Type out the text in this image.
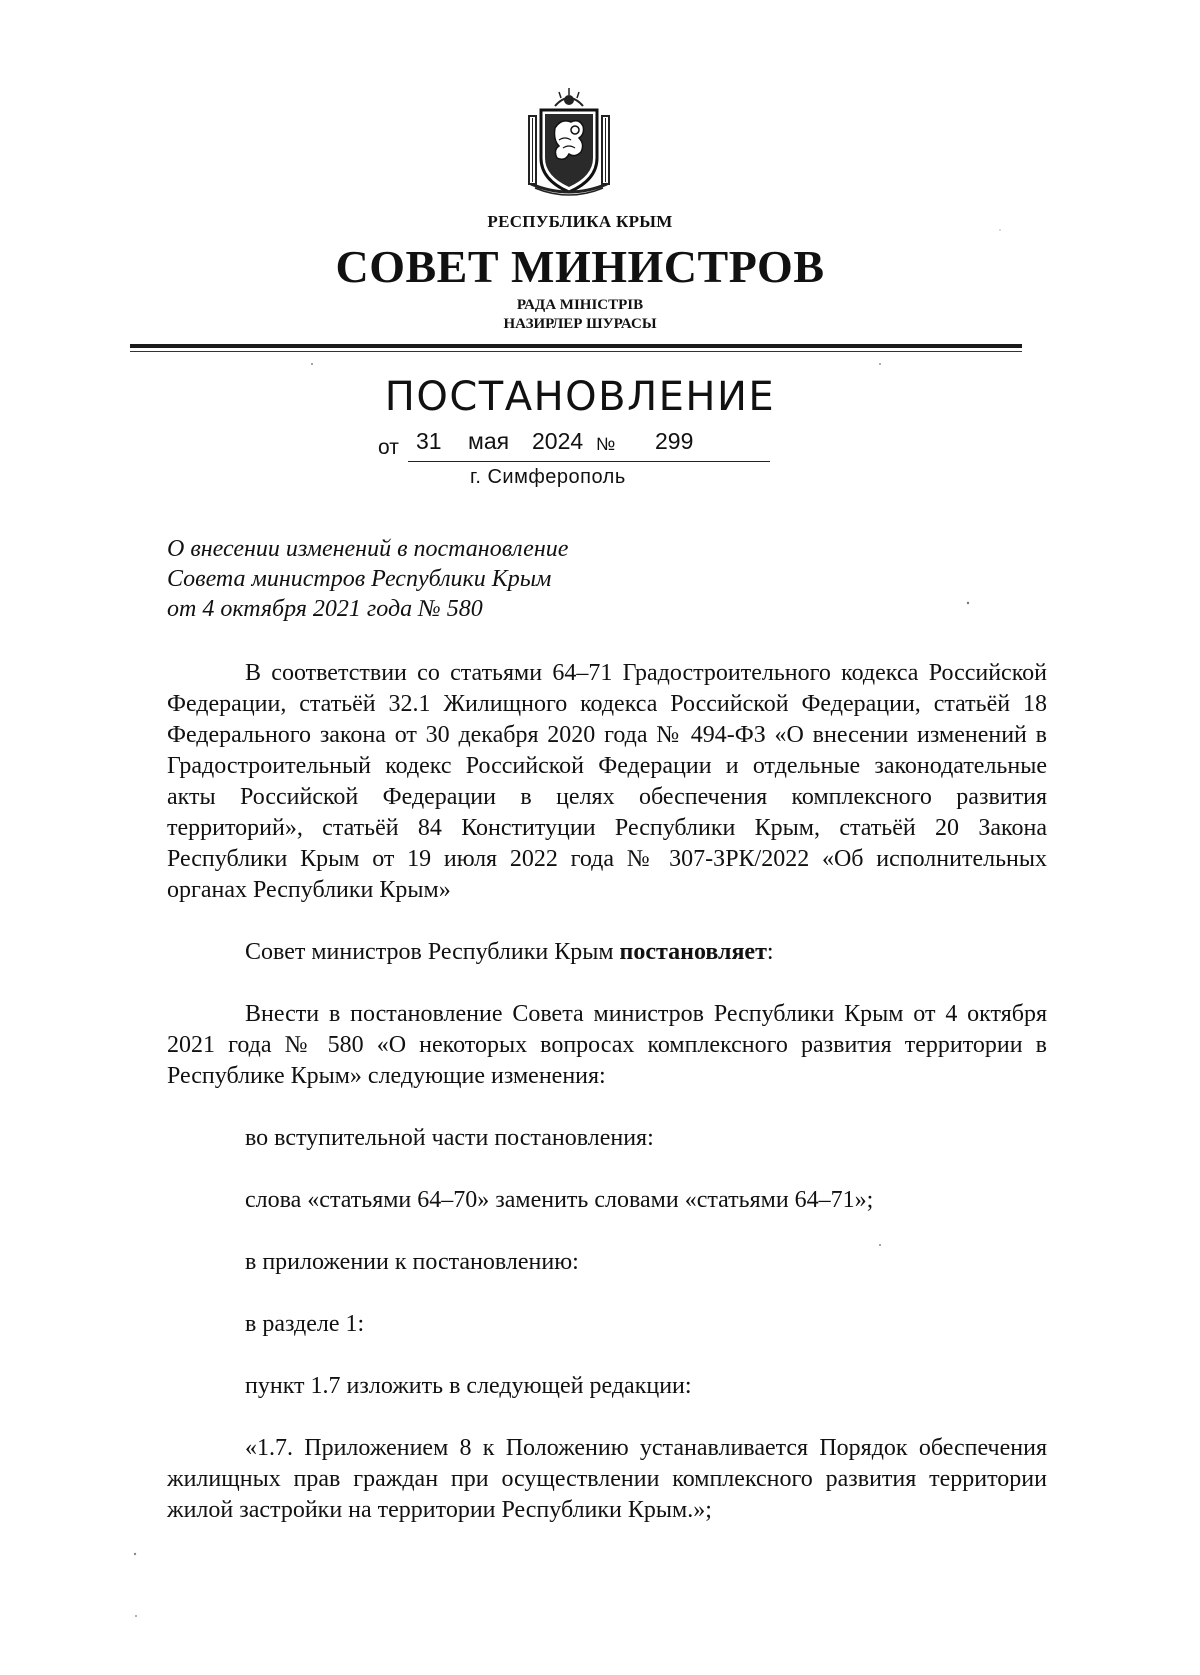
РЕСПУБЛИКА КРЫМ
СОВЕТ МИНИСТРОВ
РАДА МІНІСТРІВ
НАЗИРЛЕР ШУРАСЫ
ПОСТАНОВЛЕНИЕ
от 31 мая 2024 № 299
г. Симферополь
О внесении изменений в постановление
Совета министров Республики Крым
от 4 октября 2021 года № 580

В соответствии со статьями 64–71 Градостроительного кодекса Российской Федерации, статьёй 32.1 Жилищного кодекса Российской Федерации, статьёй 18 Федерального закона от 30 декабря 2020 года № 494-ФЗ «О внесении изменений в Градостроительный кодекс Российской Федерации и отдельные законодательные акты Российской Федерации в целях обеспечения комплексного развития территорий», статьёй 84 Конституции Республики Крым, статьёй 20 Закона Республики Крым от 19 июля 2022 года № 307-ЗРК/2022 «Об исполнительных органах Республики Крым»

Совет министров Республики Крым постановляет:

Внести в постановление Совета министров Республики Крым от 4 октября 2021 года № 580 «О некоторых вопросах комплексного развития территории в Республике Крым» следующие изменения:

во вступительной части постановления:

слова «статьями 64–70» заменить словами «статьями 64–71»;

в приложении к постановлению:

в разделе 1:

пункт 1.7 изложить в следующей редакции:

«1.7. Приложением 8 к Положению устанавливается Порядок обеспечения жилищных прав граждан при осуществлении комплексного развития территории жилой застройки на территории Республики Крым.»;
